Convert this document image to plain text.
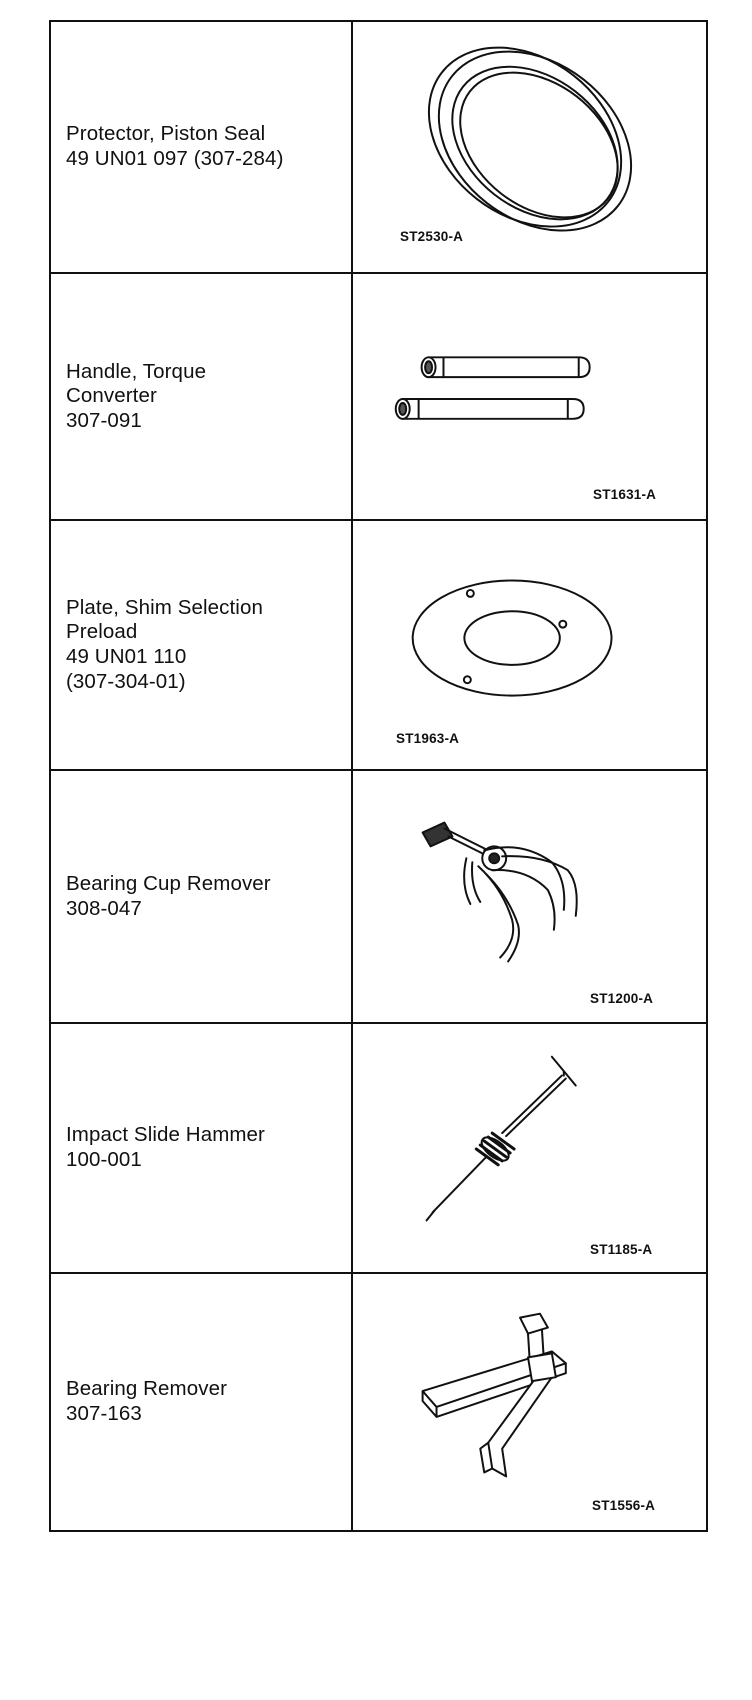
Protector, Piston Seal
49 UN01 097 (307-284)	ST2530-A

Handle, Torque
Converter
307-091	ST1631-A

Plate, Shim Selection
Preload
49 UN01 110
(307-304-01)	ST1963-A

Bearing Cup Remover
308-047	ST1200-A

Impact Slide Hammer
100-001	ST1185-A

Bearing Remover
307-163	ST1556-A
